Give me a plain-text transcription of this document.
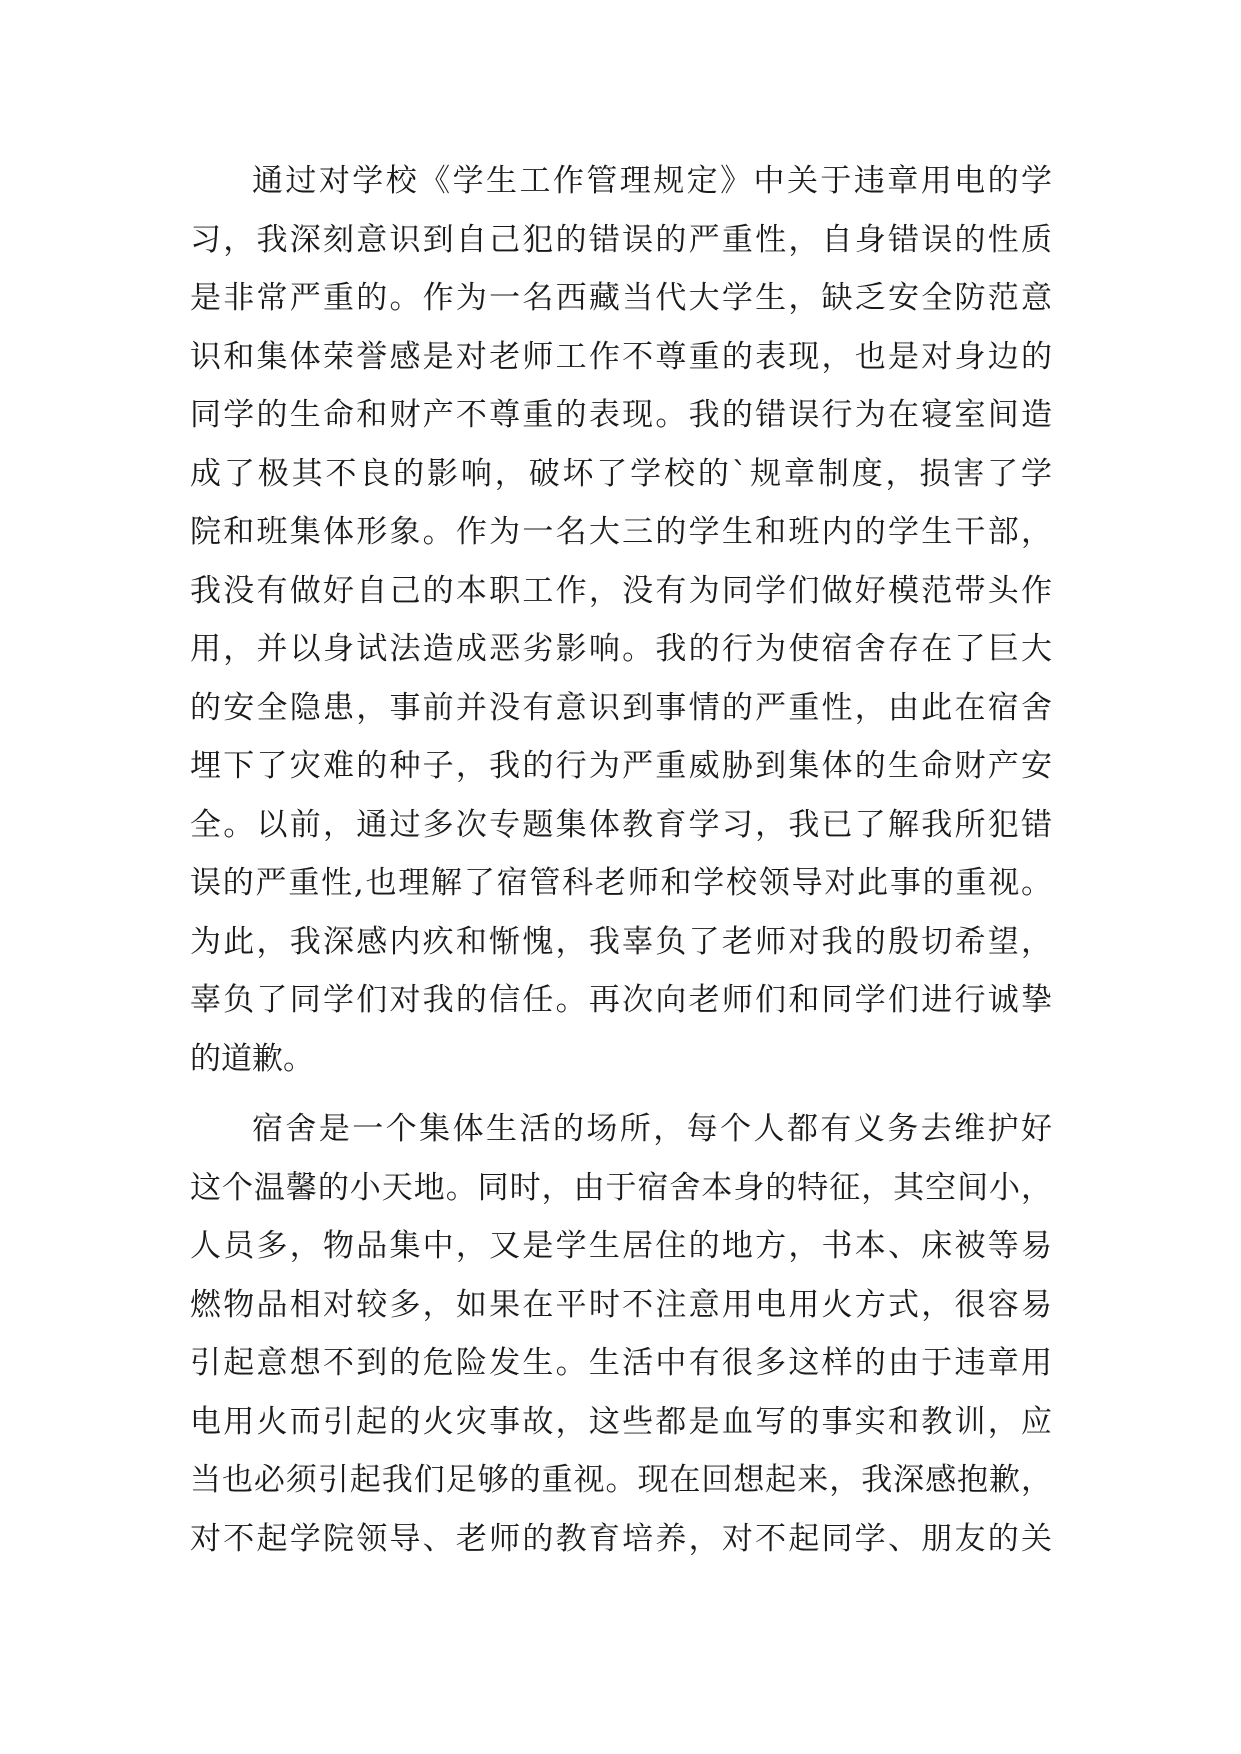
通过对学校《学生工作管理规定》中关于违章用电的学
习，我深刻意识到自己犯的错误的严重性，自身错误的性质
是非常严重的。作为一名西藏当代大学生，缺乏安全防范意
识和集体荣誉感是对老师工作不尊重的表现，也是对身边的
同学的生命和财产不尊重的表现。我的错误行为在寝室间造
成了极其不良的影响，破坏了学校的`规章制度，损害了学
院和班集体形象。作为一名大三的学生和班内的学生干部，
我没有做好自己的本职工作，没有为同学们做好模范带头作
用，并以身试法造成恶劣影响。我的行为使宿舍存在了巨大
的安全隐患，事前并没有意识到事情的严重性，由此在宿舍
埋下了灾难的种子，我的行为严重威胁到集体的生命财产安
全。以前，通过多次专题集体教育学习，我已了解我所犯错
误的严重性,也理解了宿管科老师和学校领导对此事的重视。
为此，我深感内疚和惭愧，我辜负了老师对我的殷切希望，
辜负了同学们对我的信任。再次向老师们和同学们进行诚挚
的道歉。
宿舍是一个集体生活的场所，每个人都有义务去维护好
这个温馨的小天地。同时，由于宿舍本身的特征，其空间小，
人员多，物品集中，又是学生居住的地方，书本、床被等易
燃物品相对较多，如果在平时不注意用电用火方式，很容易
引起意想不到的危险发生。生活中有很多这样的由于违章用
电用火而引起的火灾事故，这些都是血写的事实和教训，应
当也必须引起我们足够的重视。现在回想起来，我深感抱歉，
对不起学院领导、老师的教育培养，对不起同学、朋友的关
